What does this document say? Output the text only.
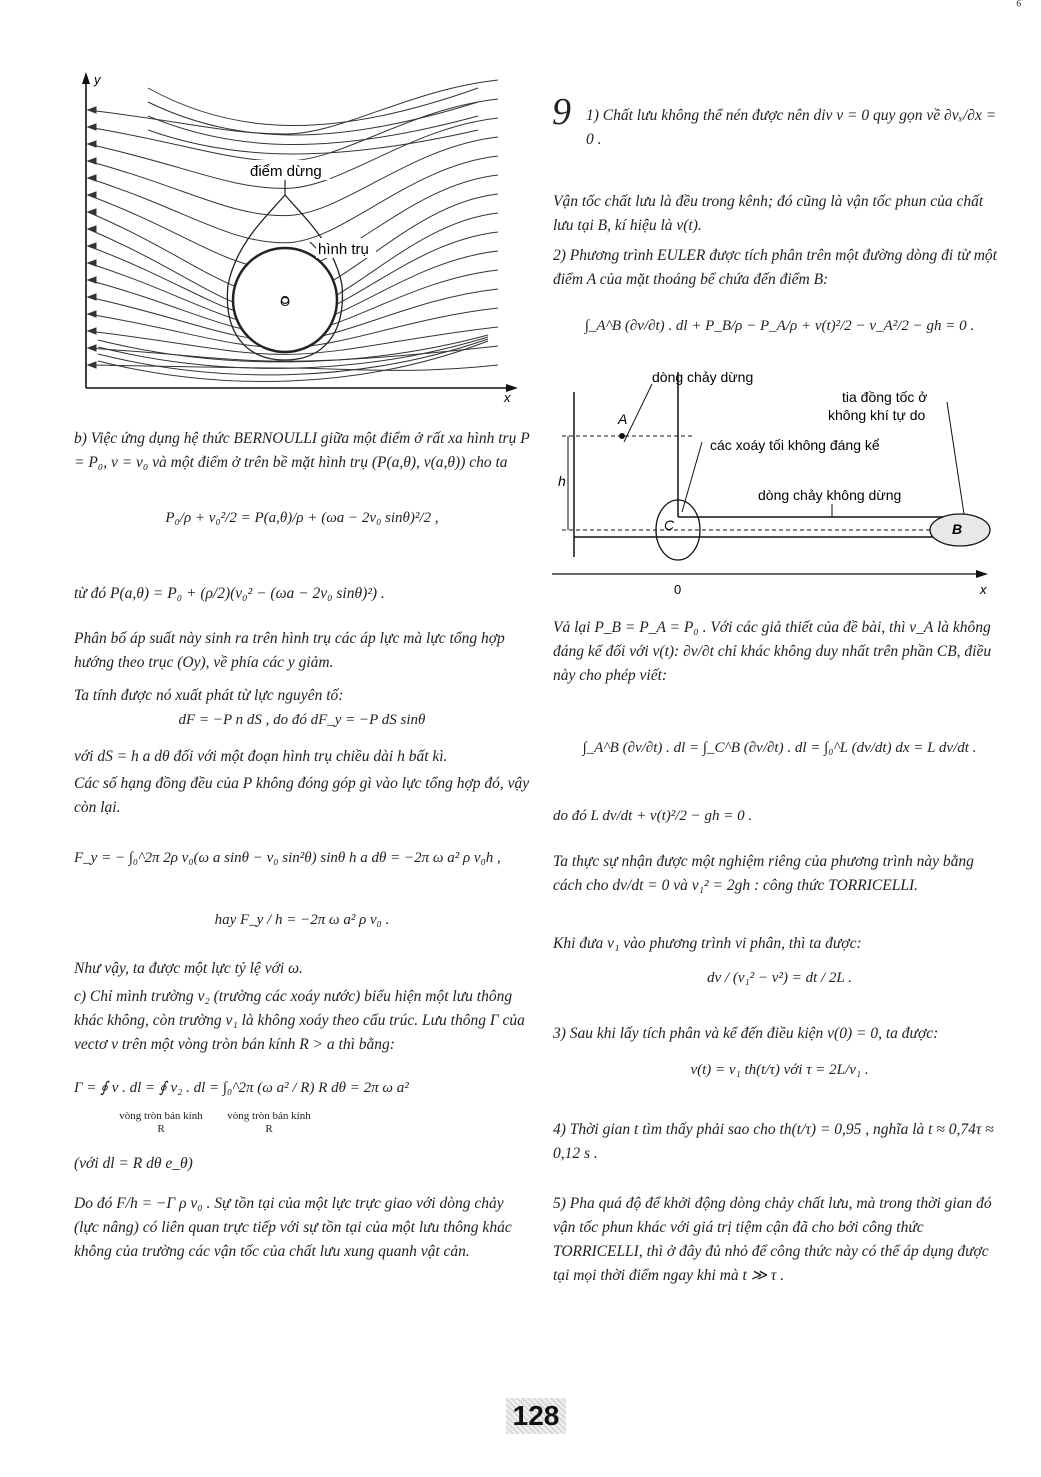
⁶
y
x
điểm dừng
hình trụ
O
b) Việc ứng dụng hệ thức BERNOULLI giữa một điểm ở rất xa hình trụ P = P₀, v = v₀ và một điểm ở trên bề mặt hình trụ (P(a,θ), v(a,θ)) cho ta
P₀/ρ + v₀²/2 = P(a,θ)/ρ + (ωa − 2v₀ sinθ)²/2 ,
từ đó P(a,θ) = P₀ + (ρ/2)(v₀² − (ωa − 2v₀ sinθ)²) .
Phân bố áp suất này sinh ra trên hình trụ các áp lực mà lực tổng hợp hướng theo trục (Oy), về phía các y giảm.
Ta tính được nó xuất phát từ lực nguyên tố:
dF = −P n dS , do đó dF_y = −P dS sinθ
với dS = h a dθ đối với một đoạn hình trụ chiều dài h bất kì.
Các số hạng đồng đều của P không đóng góp gì vào lực tổng hợp đó, vậy còn lại.
F_y = − ∫₀^2π 2ρ v₀(ω a sinθ − v₀ sin²θ) sinθ h a dθ = −2π ω a² ρ v₀h ,
hay F_y / h = −2π ω a² ρ v₀ .
Như vậy, ta được một lực tỷ lệ với ω.
c) Chỉ mình trường v₂ (trường các xoáy nước) biểu hiện một lưu thông khác không, còn trường v₁ là không xoáy theo cấu trúc. Lưu thông Γ của vectơ v trên một vòng tròn bán kính R > a thì bằng:
Γ = ∮ v . dl = ∮ v₂ . dl = ∫₀^2π (ω a² / R) R dθ = 2π ω a²
vòng tròn bán kính R
vòng tròn bán kính R
(với dl = R dθ e_θ)
Do đó F/h = −Γ ρ v₀ . Sự tồn tại của một lực trực giao với dòng chảy (lực nâng) có liên quan trực tiếp với sự tồn tại của một lưu thông khác không của trường các vận tốc của chất lưu xung quanh vật cản.
9 1) Chất lưu không thể nén được nên div v = 0 quy gọn về ∂vₓ/∂x = 0 .
Vận tốc chất lưu là đều trong kênh; đó cũng là vận tốc phun của chất lưu tại B, kí hiệu là v(t).
2) Phương trình EULER được tích phân trên một đường dòng đi từ một điểm A của mặt thoáng bể chứa đến điểm B:
∫_A^B (∂v/∂t) . dl + P_B/ρ − P_A/ρ + v(t)²/2 − v_A²/2 − gh = 0 .
h
A
C	B
0	x
dòng chảy dừng
tia đồng tốc ở
không khí tự do
các xoáy tối không đáng kể
dòng chảy không dừng
Vả lại P_B = P_A = P₀ . Với các giả thiết của đề bài, thì v_A là không đáng kể đối với v(t): ∂v/∂t chỉ khác không duy nhất trên phần CB, điều này cho phép viết:
∫_A^B (∂v/∂t) . dl = ∫_C^B (∂v/∂t) . dl = ∫₀^L (dv/dt) dx = L dv/dt .
do đó L dv/dt + v(t)²/2 − gh = 0 .
Ta thực sự nhận được một nghiệm riêng của phương trình này bằng cách cho dv/dt = 0 và v₁² = 2gh : công thức TORRICELLI.
Khi đưa v₁ vào phương trình vi phân, thì ta được:
dv / (v₁² − v²) = dt / 2L .
3) Sau khi lấy tích phân và kể đến điều kiện v(0) = 0, ta được:
v(t) = v₁ th(t/τ) với τ = 2L/v₁ .
4) Thời gian t tìm thấy phải sao cho th(t/τ) = 0,95 , nghĩa là t ≈ 0,74τ ≈ 0,12 s .
5) Pha quá độ để khởi động dòng chảy chất lưu, mà trong thời gian đó vận tốc phun khác với giá trị tiệm cận đã cho bởi công thức TORRICELLI, thì ở đây đủ nhỏ để công thức này có thể áp dụng được tại mọi thời điểm ngay khi mà t ≫ τ .
128
